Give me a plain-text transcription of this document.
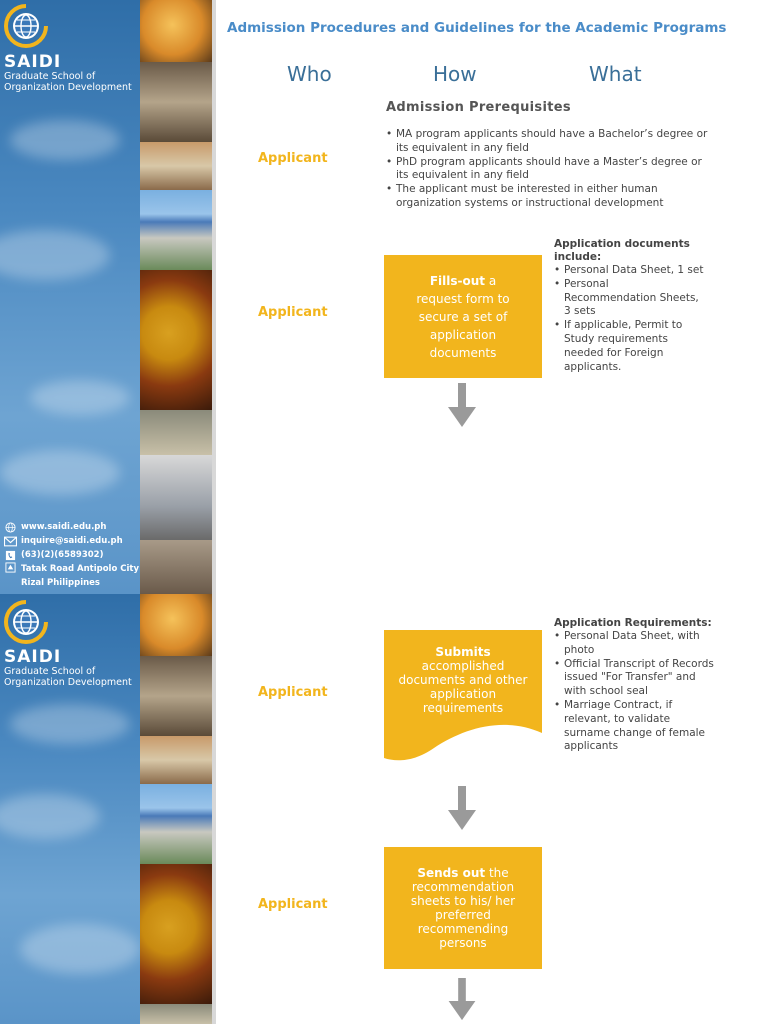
SAIDI
Graduate School of
Organization Development
www.saidi.edu.ph
inquire@saidi.edu.ph
(63)(2)(6589302)
Tatak Road Antipolo City
Rizal Philippines
SAIDI
Graduate School of
Organization Development
Admission Procedures and Guidelines for the Academic Programs
Who	How	What
Admission Prerequisites
Applicant
• MA program applicants should have a Bachelor’s degree or its equivalent in any field
• PhD program applicants should have a Master’s degree or its equivalent in any field
• The applicant must be interested in either human organization systems or instructional development
Applicant
Fills-out a request form to secure a set of application documents
Application documents include:
• Personal Data Sheet, 1 set
• Personal Recommendation Sheets, 3 sets
• If applicable, Permit to Study requirements needed for Foreign applicants.
Applicant
Submits accomplished documents and other application requirements
Application Requirements:
• Personal Data Sheet, with photo
• Official Transcript of Records issued "For Transfer" and with school seal
• Marriage Contract, if relevant, to validate surname change of female applicants
Applicant
Sends out the recommendation sheets to his/ her preferred recommending persons
